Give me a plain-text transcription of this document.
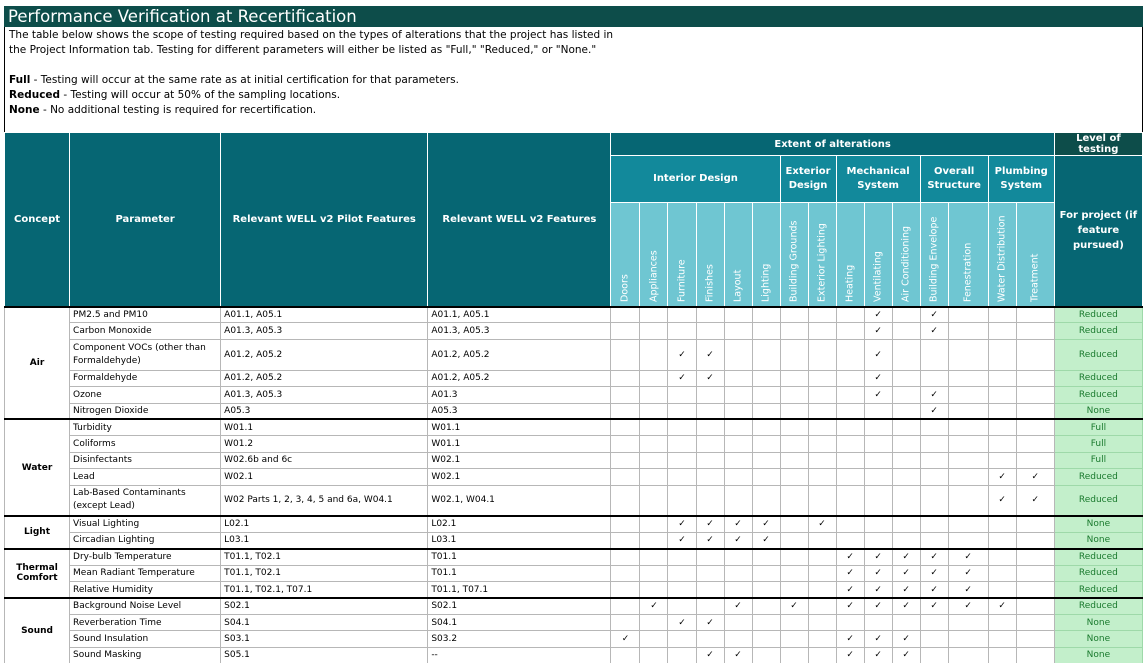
Performance Verification at Recertification

The table below shows the scope of testing required based on the types of alterations that the project has listed in

the Project Information tab. Testing for different parameters will either be listed as "Full," "Reduced," or "None."

Full - Testing will occur at the same rate as at initial certification for that parameters.

Reduced - Testing will occur at 50% of the sampling locations.

None - No additional testing is required for recertification.

Concept	Parameter	Relevant WELL v2 Pilot Features	Relevant WELL v2 Features	Extent of alterations															Level of testing
				Interior Design						Exterior Design		Mechanical System			Overall Structure		Plumbing System		For project (if feature pursued)

				Doors	Appliances	Furniture	Finishes	Layout	Lighting	Building Grounds	Exterior Lighting	Heating	Ventilating	Air Conditioning	Building Envelope	Fenestration	Water Distribution	Treatment	

Air	PM2.5 and PM10	A01.1, A05.1	A01.1, A05.1										✓		✓				Reduced
	Carbon Monoxide	A01.3, A05.3	A01.3, A05.3										✓		✓				Reduced
	Component VOCs (other than Formaldehyde)	A01.2, A05.2	A01.2, A05.2			✓	✓						✓						Reduced
	Formaldehyde	A01.2, A05.2	A01.2, A05.2			✓	✓						✓						Reduced
	Ozone	A01.3, A05.3	A01.3										✓		✓				Reduced
	Nitrogen Dioxide	A05.3	A05.3												✓				None
Water	Turbidity	W01.1	W01.1																Full
	Coliforms	W01.2	W01.1																Full
	Disinfectants	W02.6b and 6c	W02.1																Full
	Lead	W02.1	W02.1														✓	✓	Reduced
	Lab-Based Contaminants (except Lead)	W02 Parts 1, 2, 3, 4, 5 and 6a, W04.1	W02.1, W04.1														✓	✓	Reduced
Light	Visual Lighting	L02.1	L02.1			✓	✓	✓	✓		✓								None
	Circadian Lighting	L03.1	L03.1			✓	✓	✓	✓										None
Thermal Comfort	Dry-bulb Temperature	T01.1, T02.1	T01.1									✓	✓	✓	✓	✓			Reduced
	Mean Radiant Temperature	T01.1, T02.1	T01.1									✓	✓	✓	✓	✓			Reduced
	Relative Humidity	T01.1, T02.1, T07.1	T01.1, T07.1									✓	✓	✓	✓	✓			Reduced
Sound	Background Noise Level	S02.1	S02.1		✓			✓		✓		✓	✓	✓	✓	✓	✓		Reduced
	Reverberation Time	S04.1	S04.1			✓	✓												None
	Sound Insulation	S03.1	S03.2	✓								✓	✓	✓					None
	Sound Masking	S05.1	--				✓	✓				✓	✓	✓					None
